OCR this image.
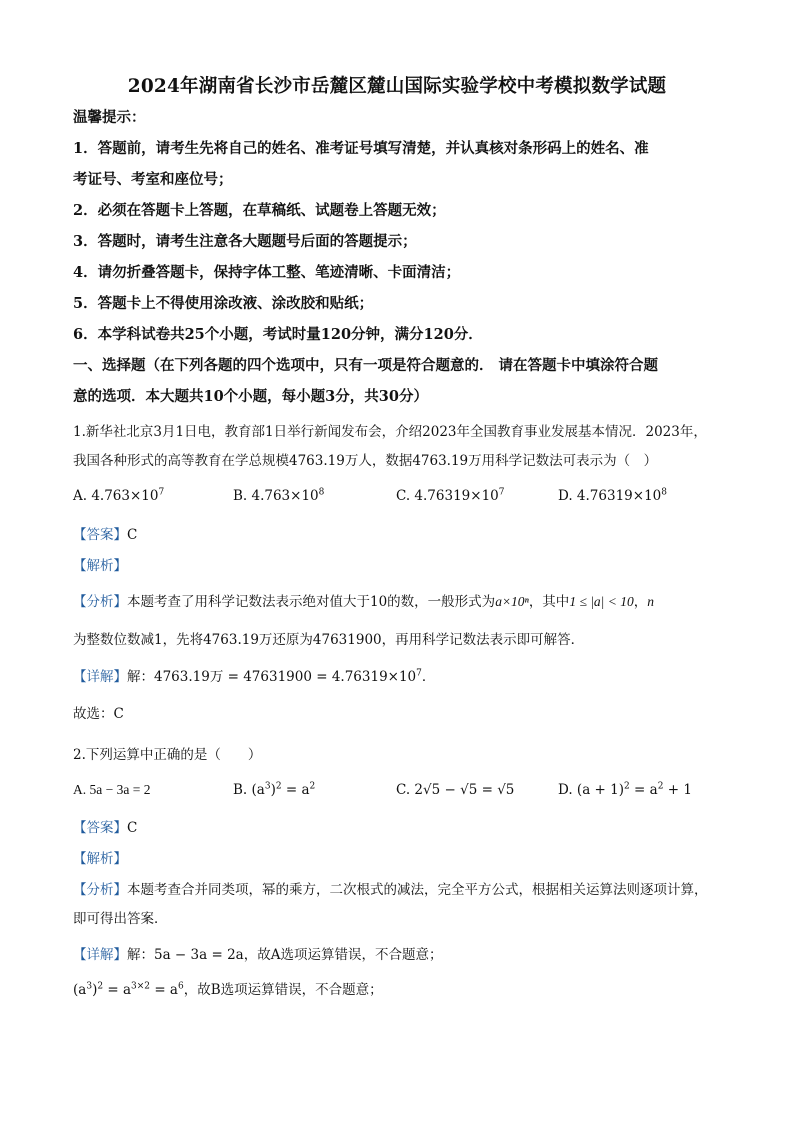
2024年湖南省长沙市岳麓区麓山国际实验学校中考模拟数学试题
温馨提示：
1．答题前，请考生先将自己的姓名、准考证号填写清楚，并认真核对条形码上的姓名、准
考证号、考室和座位号；
2．必须在答题卡上答题，在草稿纸、试题卷上答题无效；
3．答题时，请考生注意各大题题号后面的答题提示；
4．请勿折叠答题卡，保持字体工整、笔迹清晰、卡面清洁；
5．答题卡上不得使用涂改液、涂改胶和贴纸；
6．本学科试卷共25个小题，考试时量120分钟，满分120分．
一、选择题（在下列各题的四个选项中，只有一项是符合题意的． 请在答题卡中填涂符合题
意的选项．本大题共10个小题，每小题3分，共30分）
1.新华社北京3月1日电，教育部1日举行新闻发布会，介绍2023年全国教育事业发展基本情况．2023年，
我国各种形式的高等教育在学总规模4763.19万人，数据4763.19万用科学记数法可表示为（　）
A. $4.763\times 10^7$	B. $4.763\times 10^8$	C. $4.76319\times 10^7$	D. $4.76319\times 10^8$
【答案】C
【解析】
【分析】本题考查了用科学记数法表示绝对值大于10的数，一般形式为a×10ⁿ，其中1 ≤ |a| < 10，n
为整数位数减1，先将4763.19万还原为47631900，再用科学记数法表示即可解答．
【详解】解：4763.19万 = $47631900 = 4.76319\times 10^7$．
故选：C
2.下列运算中正确的是（　　）
A. 5a − 3a = 2	B. $(a^3)^2 = a^2$	C. 2√5 − √5 = √5	D. $(a + 1)^2 = a^2 + 1$
【答案】C
【解析】
【分析】本题考查合并同类项，幂的乘方，二次根式的减法，完全平方公式，根据相关运算法则逐项计算，
即可得出答案．
【详解】解：5a − 3a = 2a，故A选项运算错误，不合题意；
$(a^3)^2 = a^{3\times 2} = a^6$，故B选项运算错误，不合题意；
